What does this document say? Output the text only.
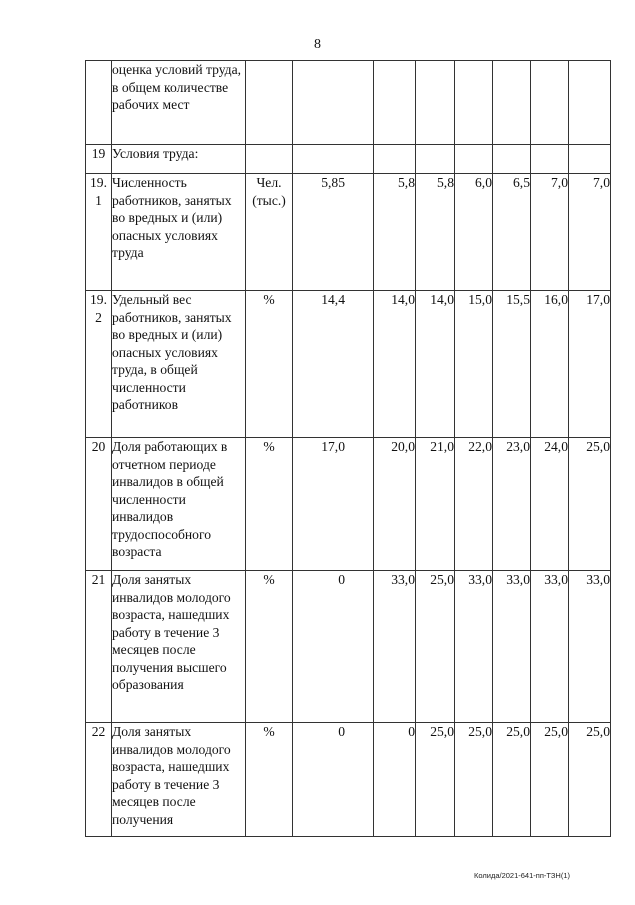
8
	оценка условий труда, в общем количестве рабочих мест								
19	Условия труда:								
19. 1	Численность работников, занятых во вредных и (или) опасных условиях труда	Чел. (тыс.)	5,85	5,8	5,8	6,0	6,5	7,0	7,0
19. 2	Удельный вес работников, занятых во вредных и (или) опасных условиях труда, в общей численности работников	%	14,4	14,0	14,0	15,0	15,5	16,0	17,0
20	Доля работающих в отчетном периоде инвалидов в общей численности инвалидов трудоспособного возраста	%	17,0	20,0	21,0	22,0	23,0	24,0	25,0
21	Доля занятых инвалидов молодого возраста, нашедших работу в течение 3 месяцев после получения высшего образования	%	0	33,0	25,0	33,0	33,0	33,0	33,0
22	Доля занятых инвалидов молодого возраста, нашедших работу в течение 3 месяцев после получения	%	0	0	25,0	25,0	25,0	25,0	25,0
Колида/2021-641-пп-ТЗН(1)
